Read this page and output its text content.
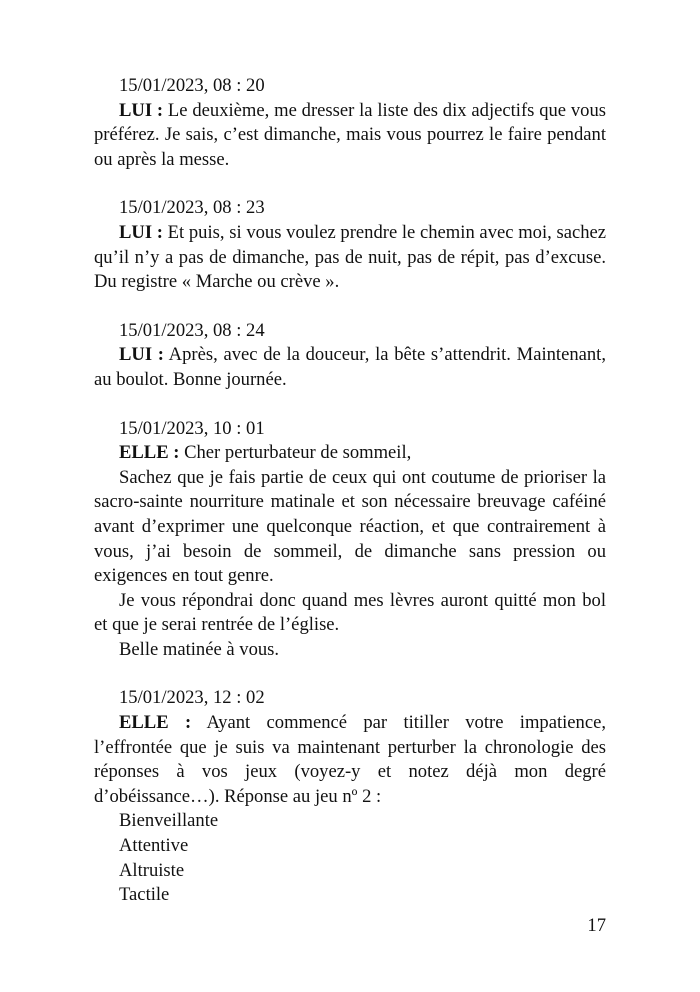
15/01/2023, 08 : 20

LUI : Le deuxième, me dresser la liste des dix adjectifs que vous préférez. Je sais, c’est dimanche, mais vous pourrez le faire pendant ou après la messe.

15/01/2023, 08 : 23

LUI : Et puis, si vous voulez prendre le chemin avec moi, sachez qu’il n’y a pas de dimanche, pas de nuit, pas de répit, pas d’excuse. Du registre « Marche ou crève ».

15/01/2023, 08 : 24

LUI : Après, avec de la douceur, la bête s’attendrit. Maintenant, au boulot. Bonne journée.

15/01/2023, 10 : 01

ELLE : Cher perturbateur de sommeil,

Sachez que je fais partie de ceux qui ont coutume de prioriser la sacro-sainte nourriture matinale et son nécessaire breuvage caféiné avant d’exprimer une quelconque réaction, et que contrairement à vous, j’ai besoin de sommeil, de dimanche sans pression ou exigences en tout genre.

Je vous répondrai donc quand mes lèvres auront quitté mon bol et que je serai rentrée de l’église.

Belle matinée à vous.

15/01/2023, 12 : 02

ELLE : Ayant commencé par titiller votre impatience, l’effrontée que je suis va maintenant perturber la chronologie des réponses à vos jeux (voyez-y et notez déjà mon degré d’obéissance…). Réponse au jeu nº 2 :

Bienveillante

Attentive

Altruiste

Tactile

17
